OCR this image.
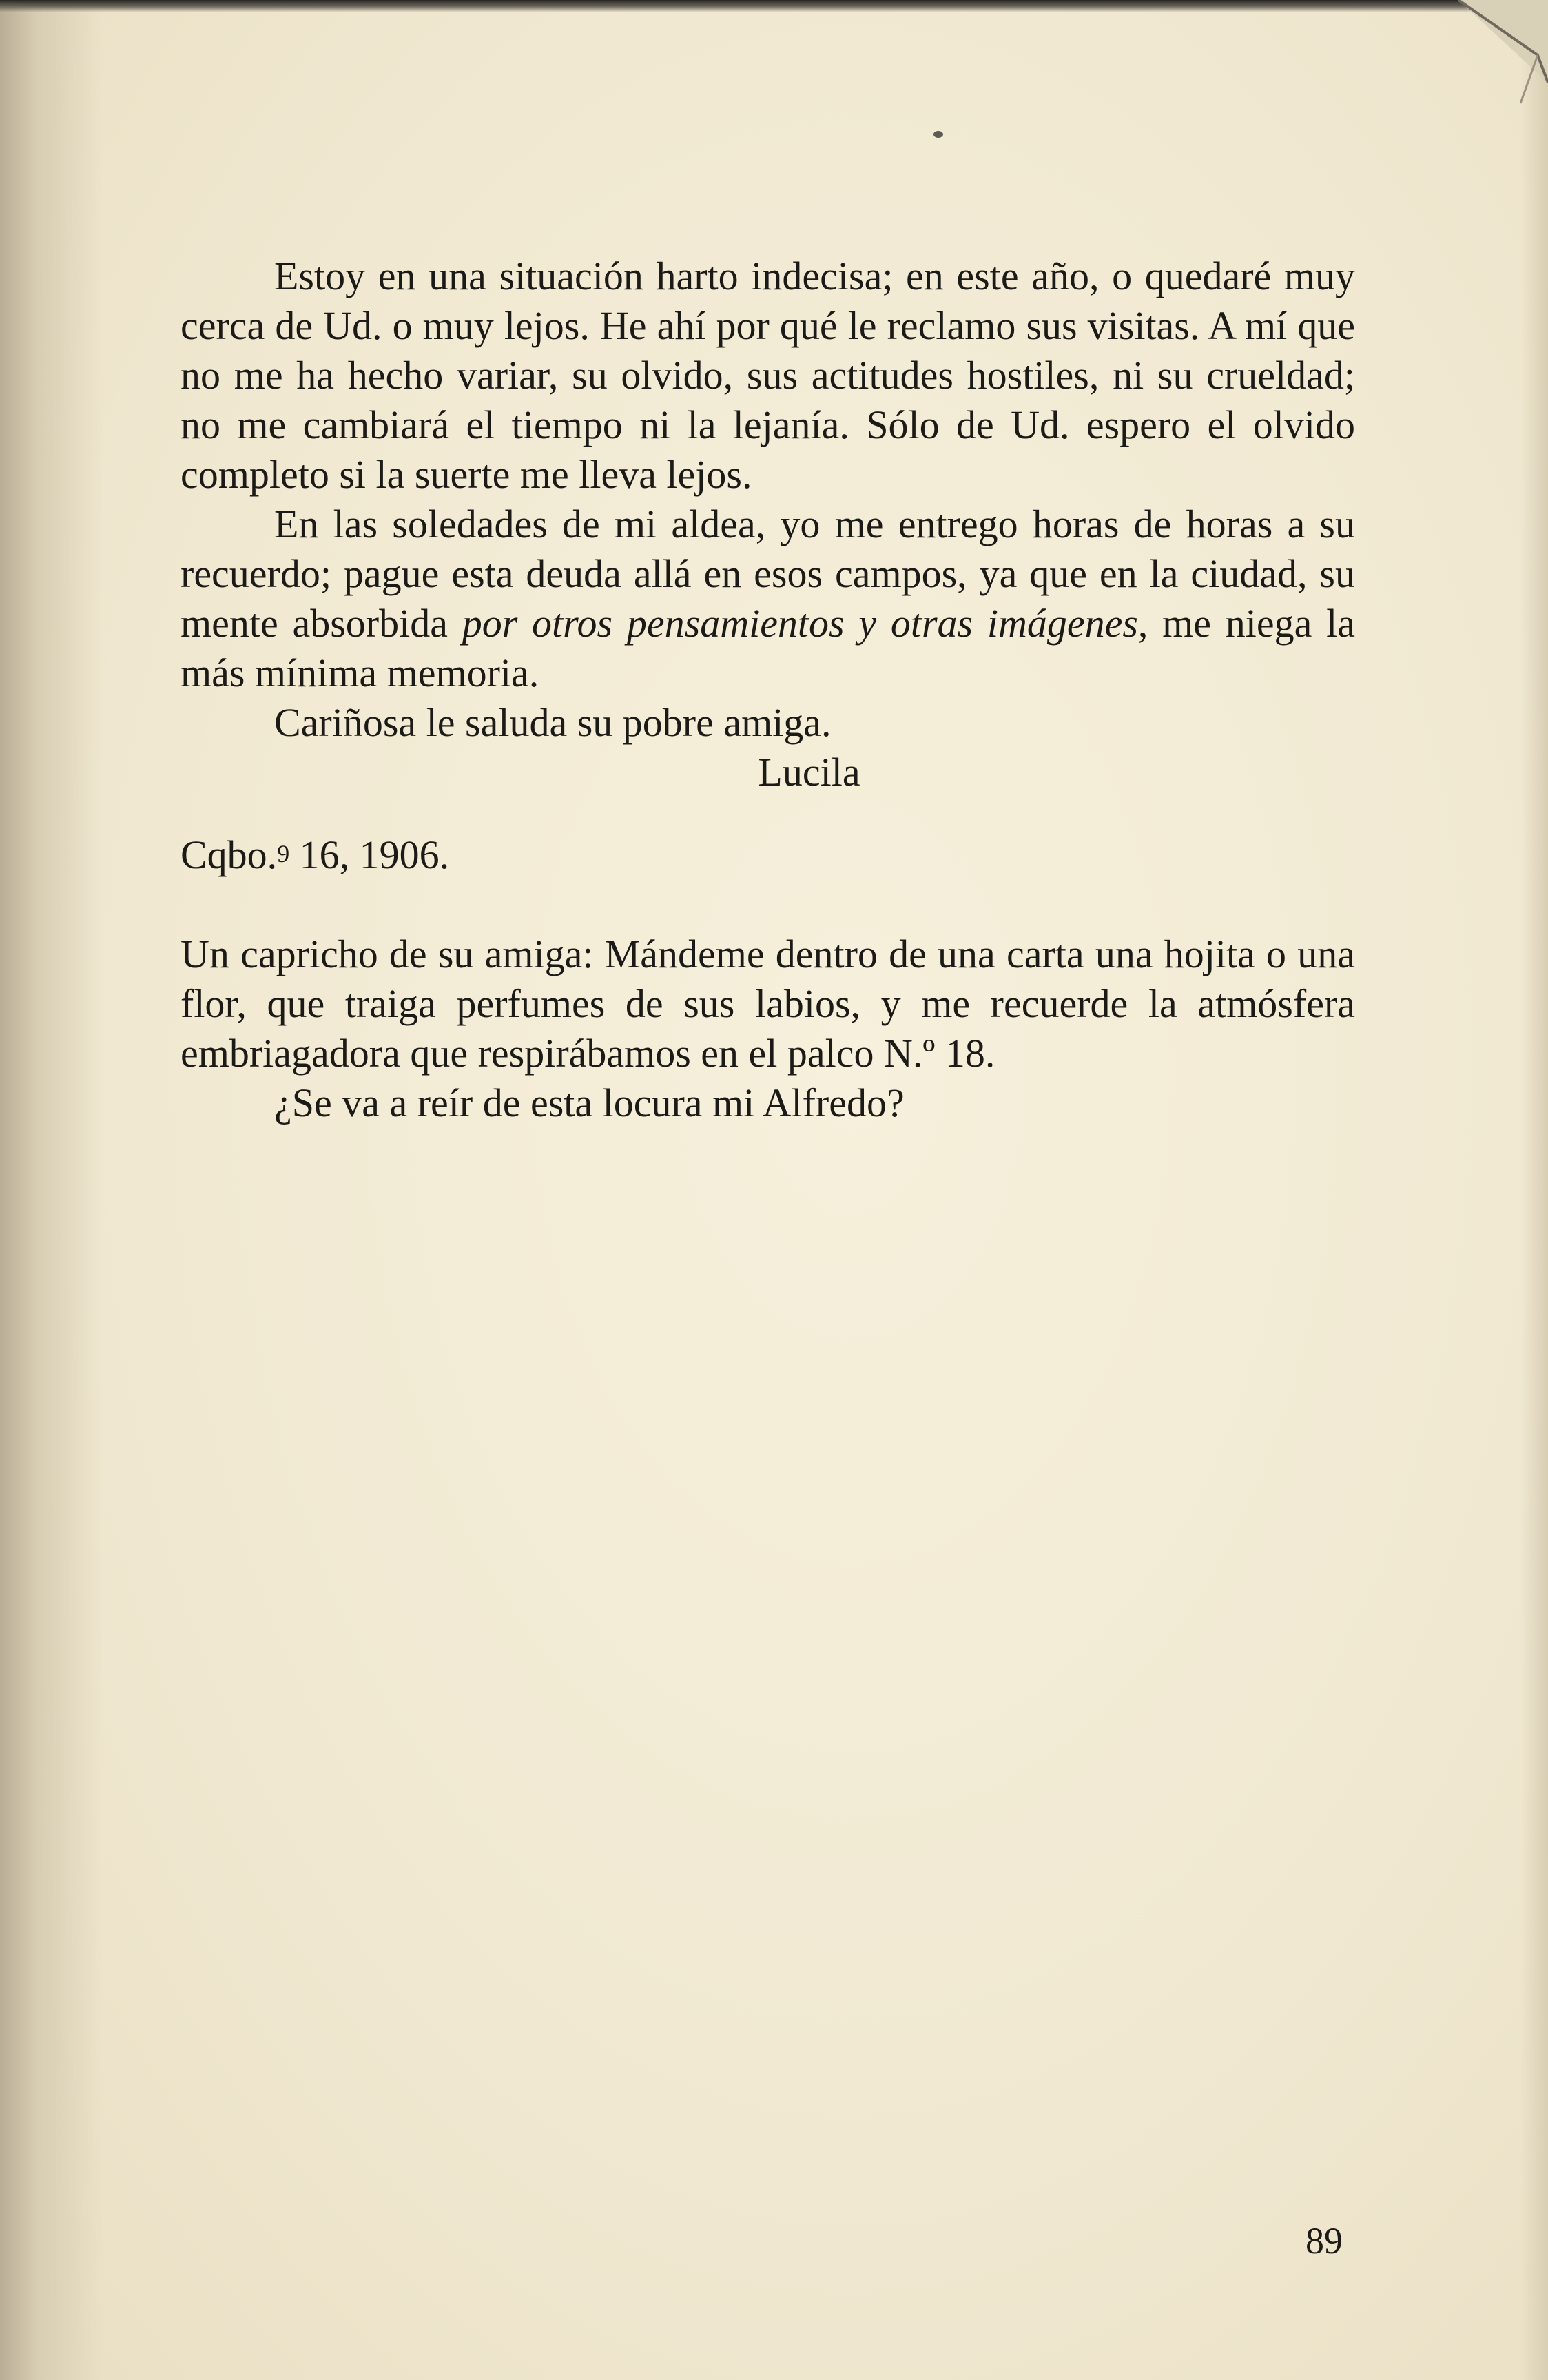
Estoy en una situación harto indecisa; en este año, o quedaré muy cerca de Ud. o muy lejos. He ahí por qué le reclamo sus visitas. A mí que no me ha hecho variar, su olvido, sus actitudes hostiles, ni su crueldad; no me cambiará el tiempo ni la lejanía. Sólo de Ud. espero el olvido completo si la suerte me lleva lejos.

En las soledades de mi aldea, yo me entrego horas de horas a su recuerdo; pague esta deuda allá en esos campos, ya que en la ciudad, su mente absorbida por otros pensamientos y otras imágenes, me niega la más mínima memoria.

Cariñosa le saluda su pobre amiga.

Lucila

Cqbo.$^9$ 16, 1906.

Un capricho de su amiga: Mándeme dentro de una carta una hojita o una flor, que traiga perfumes de sus labios, y me recuerde la atmósfera embriagadora que respirábamos en el palco N.º 18.

¿Se va a reír de esta locura mi Alfredo?

89
